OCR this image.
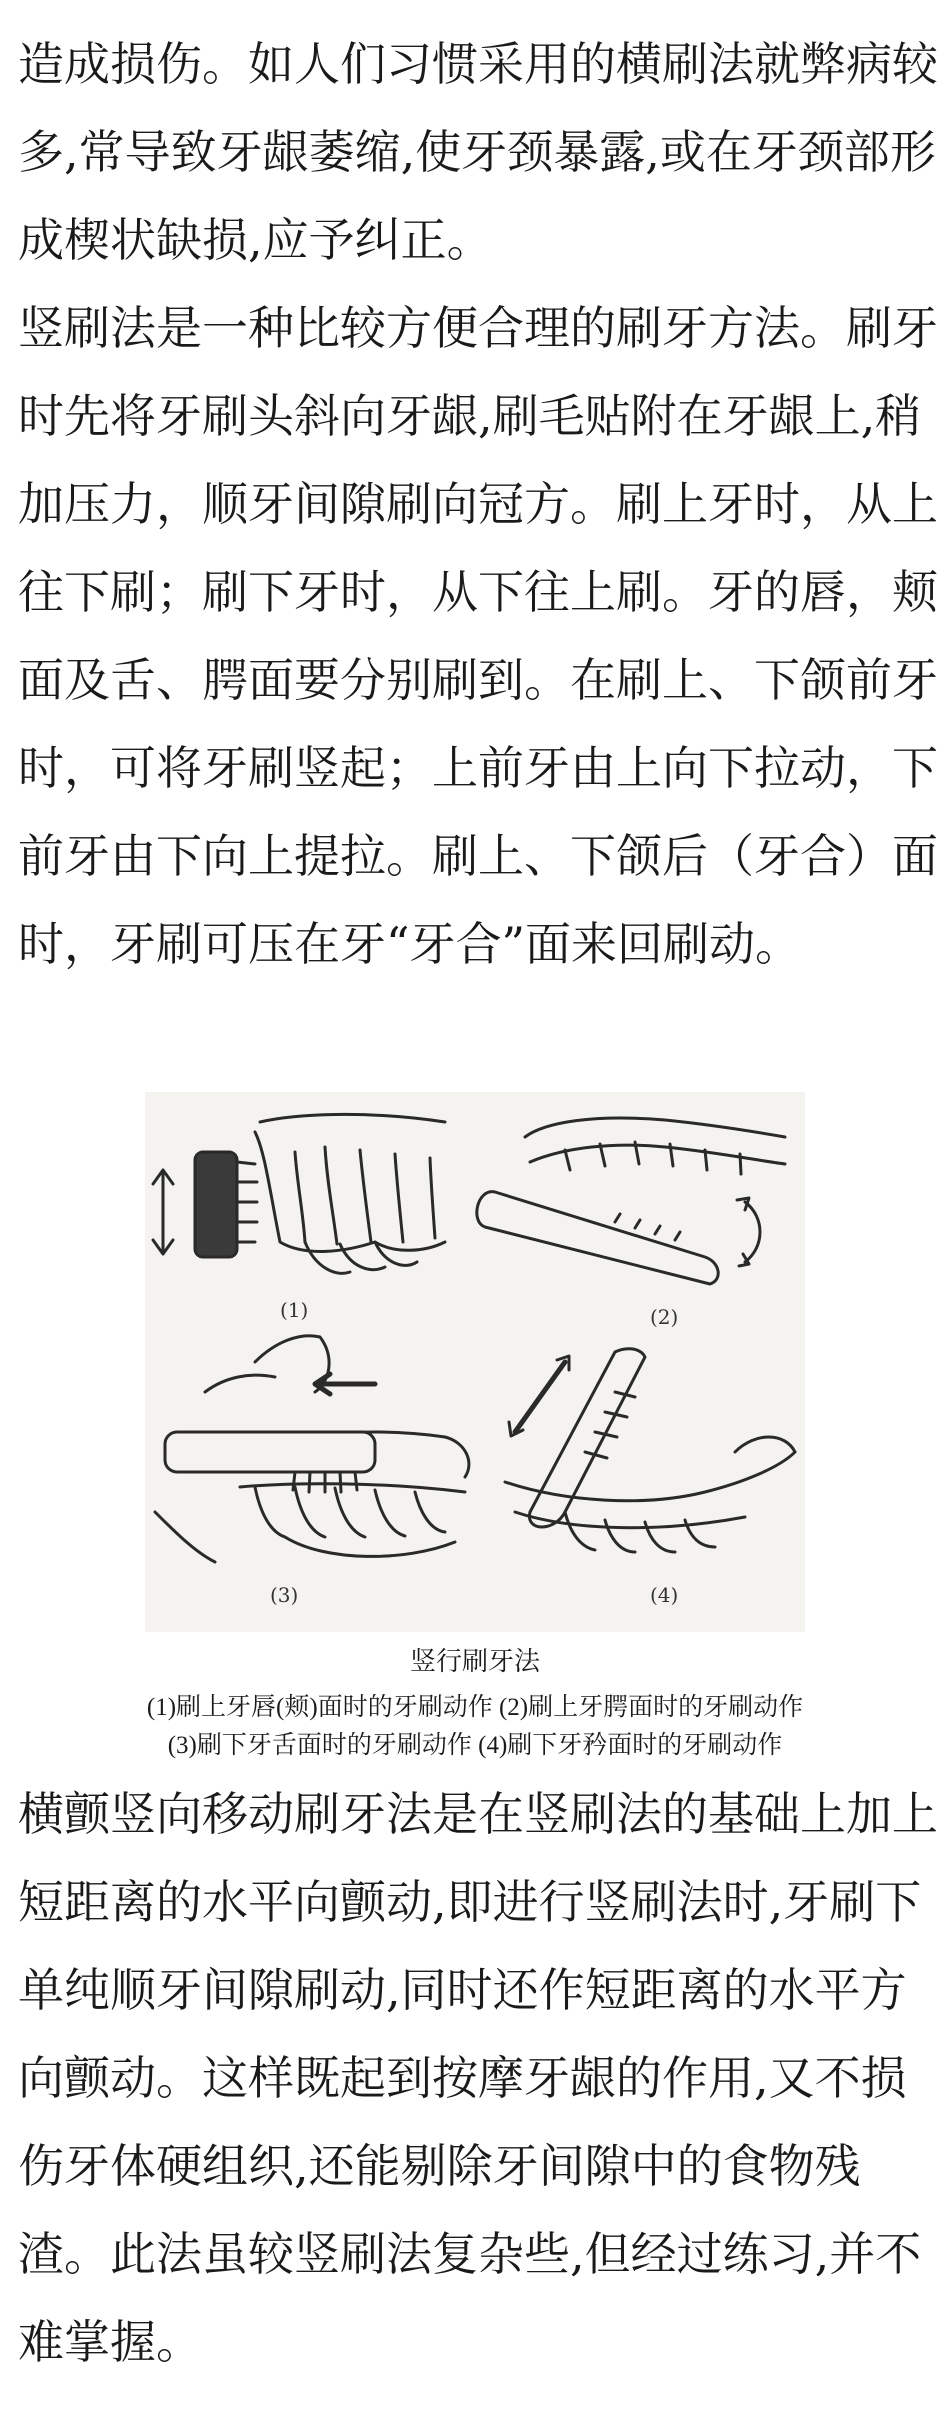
造成损伤。如人们习惯采用的横刷法就弊病较多,常导致牙龈萎缩,使牙颈暴露,或在牙颈部形成楔状缺损,应予纠正。

竖刷法是一种比较方便合理的刷牙方法。刷牙时先将牙刷头斜向牙龈,刷毛贴附在牙龈上,稍加压力，顺牙间隙刷向冠方。刷上牙时，从上往下刷；刷下牙时，从下往上刷。牙的唇，颊面及舌、腭面要分别刷到。在刷上、下颌前牙时，可将牙刷竖起；上前牙由上向下拉动，下前牙由下向上提拉。刷上、下颌后（牙合）面时，牙刷可压在牙“牙合”面来回刷动。

(1)	(2)
(3)	(4)

竖行刷牙法

(1)刷上牙唇(颊)面时的牙刷动作 (2)刷上牙腭面时的牙刷动作

(3)刷下牙舌面时的牙刷动作 (4)刷下牙矜面时的牙刷动作

横颤竖向移动刷牙法是在竖刷法的基础上加上短距离的水平向颤动,即进行竖刷法时,牙刷下单纯顺牙间隙刷动,同时还作短距离的水平方向颤动。这样既起到按摩牙龈的作用,又不损伤牙体硬组织,还能剔除牙间隙中的食物残渣。此法虽较竖刷法复杂些,但经过练习,并不难掌握。
